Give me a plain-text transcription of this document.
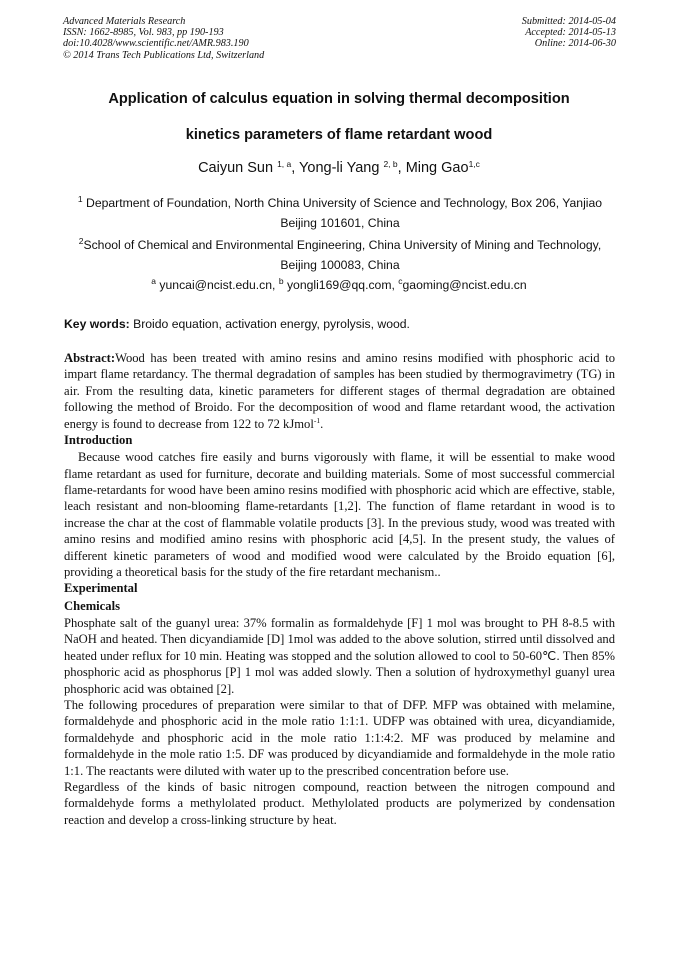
Advanced Materials Research
ISSN: 1662-8985, Vol. 983, pp 190-193
doi:10.4028/www.scientific.net/AMR.983.190
© 2014 Trans Tech Publications Ltd, Switzerland
Submitted: 2014-05-04
Accepted: 2014-05-13
Online: 2014-06-30
Application of calculus equation in solving thermal decomposition
kinetics parameters of flame retardant wood
Caiyun Sun $^{1, a}$, Yong-li Yang $^{2, b}$, Ming Gao$^{1,c}$
$^1$ Department of Foundation, North China University of Science and Technology, Box 206, Yanjiao Beijing 101601, China
$^2$School of Chemical and Environmental Engineering, China University of Mining and Technology, Beijing 100083, China
$^a$ yuncai@ncist.edu.cn, $^b$ yongli169@qq.com, $^c$gaoming@ncist.edu.cn
Key words: Broido equation, activation energy, pyrolysis, wood.

Abstract:Wood has been treated with amino resins and amino resins modified with phosphoric acid to impart flame retardancy. The thermal degradation of samples has been studied by thermogravimetry (TG) in air. From the resulting data, kinetic parameters for different stages of thermal degradation are obtained following the method of Broido. For the decomposition of wood and flame retardant wood, the activation energy is found to decrease from 122 to 72 kJmol$^{-1}$.

Introduction

Because wood catches fire easily and burns vigorously with flame, it will be essential to make wood flame retardant as used for furniture, decorate and building materials. Some of most successful commercial flame-retardants for wood have been amino resins modified with phosphoric acid which are effective, stable, leach resistant and non-blooming flame-retardants [1,2]. The function of flame retardant in wood is to increase the char at the cost of flammable volatile products [3]. In the previous study, wood was treated with amino resins and modified amino resins with phosphoric acid [4,5]. In the present study, the values of different kinetic parameters of wood and modified wood were calculated by the Broido equation [6], providing a theoretical basis for the study of the fire retardant mechanism..

Experimental
Chemicals

Phosphate salt of the guanyl urea: 37% formalin as formaldehyde [F] 1 mol was brought to PH 8-8.5 with NaOH and heated. Then dicyandiamide [D] 1mol was added to the above solution, stirred until dissolved and heated under reflux for 10 min. Heating was stopped and the solution allowed to cool to 50-60℃. Then 85% phosphoric acid as phosphorus [P] 1 mol was added slowly. Then a solution of hydroxymethyl guanyl urea phosphoric acid was obtained [2].

The following procedures of preparation were similar to that of DFP. MFP was obtained with melamine, formaldehyde and phosphoric acid in the mole ratio 1:1:1. UDFP was obtained with urea, dicyandiamide, formaldehyde and phosphoric acid in the mole ratio 1:1:4:2. MF was produced by melamine and formaldehyde in the mole ratio 1:5. DF was produced by dicyandiamide and formaldehyde in the mole ratio 1:1. The reactants were diluted with water up to the prescribed concentration before use.

Regardless of the kinds of basic nitrogen compound, reaction between the nitrogen compound and formaldehyde forms a methylolated product. Methylolated products are polymerized by condensation reaction and develop a cross-linking structure by heat.
